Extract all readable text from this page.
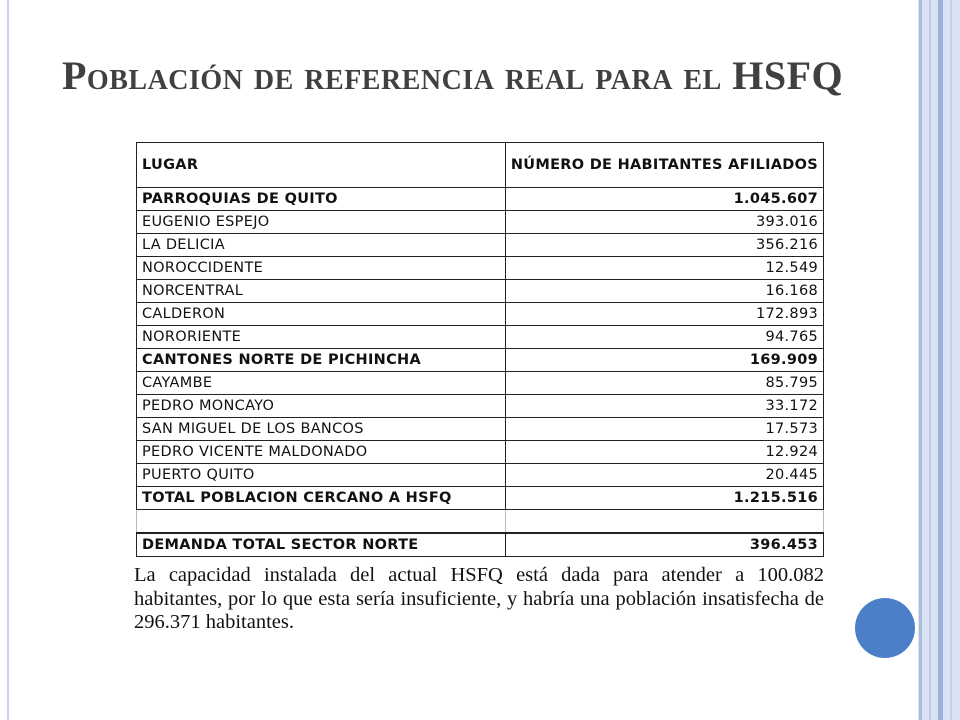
Población de referencia real para el HSFQ
LUGAR	NÚMERO DE HABITANTES AFILIADOS
PARROQUIAS DE QUITO	1.045.607
EUGENIO ESPEJO	393.016
LA DELICIA	356.216
NOROCCIDENTE	12.549
NORCENTRAL	16.168
CALDERON	172.893
NORORIENTE	94.765
CANTONES NORTE DE PICHINCHA	169.909
CAYAMBE	85.795
PEDRO MONCAYO	33.172
SAN MIGUEL DE LOS BANCOS	17.573
PEDRO VICENTE MALDONADO	12.924
PUERTO QUITO	20.445
TOTAL POBLACION CERCANO A HSFQ	1.215.516

DEMANDA TOTAL SECTOR NORTE	396.453

La capacidad instalada del actual HSFQ está dada para atender a 100.082 habitantes, por lo que esta sería insuficiente, y habría una población insatisfecha de 296.371 habitantes.
